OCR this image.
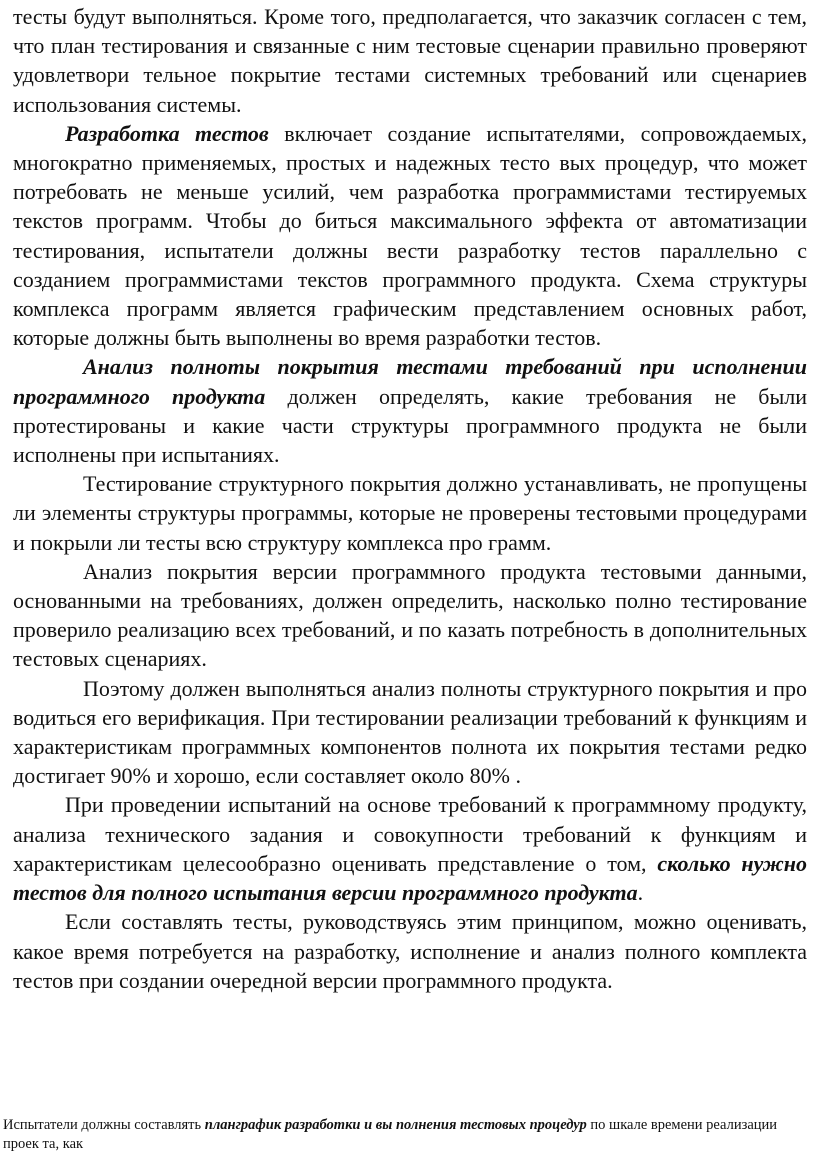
тесты будут выполняться. Кроме того, предполагается, что заказчик согласен с тем, что план тестирования и связанные с ним тестовые сценарии правильно проверяют удовлетвори тельное покрытие тестами системных требований или сценариев использования системы.

Разработка тестов включает создание испытателями, сопровождаемых, многократно применяемых, простых и надежных тесто вых процедур, что может потребовать не меньше усилий, чем разработка программистами тестируемых текстов программ. Чтобы до биться максимального эффекта от автоматизации тестирования, испытатели должны вести разработку тестов параллельно с созданием программистами текстов программного продукта. Схема структуры комплекса программ является графическим представлением основных работ, которые должны быть выполнены во время разработки тестов.

Анализ полноты покрытия тестами требований при исполнении программного продукта должен определять, какие требования не были протестированы и какие части структуры программного продукта не были исполнены при испытаниях.

Тестирование структурного покрытия должно устанавливать, не пропущены ли элементы структуры программы, которые не проверены тестовыми процедурами и покрыли ли тесты всю структуру комплекса про грамм.

Анализ покрытия версии программного продукта тестовыми данными, основанными на требованиях, должен определить, насколько полно тестирование проверило реализацию всех требований, и по казать потребность в дополнительных тестовых сценариях.

Поэтому должен выполняться анализ полноты структурного покрытия и про водиться его верификация. При тестировании реализации требований к функциям и характеристикам программных компонентов полнота их покрытия тестами редко достигает 90% и хорошо, если составляет около 80% .

При проведении испытаний на основе требований к программному продукту, анализа технического задания и совокупности требований к функциям и характеристикам целесообразно оценивать представление о том, сколько нужно тестов для полного испытания версии программного продукта.

Если составлять тесты, руководствуясь этим принципом, можно оценивать, какое время потребуется на разработку, исполнение и анализ полного комплекта тестов при создании очередной версии программного продукта.

Испытатели должны составлять планграфик разработки и вы полнения тестовых процедур по шкале времени реализации проек та, как
